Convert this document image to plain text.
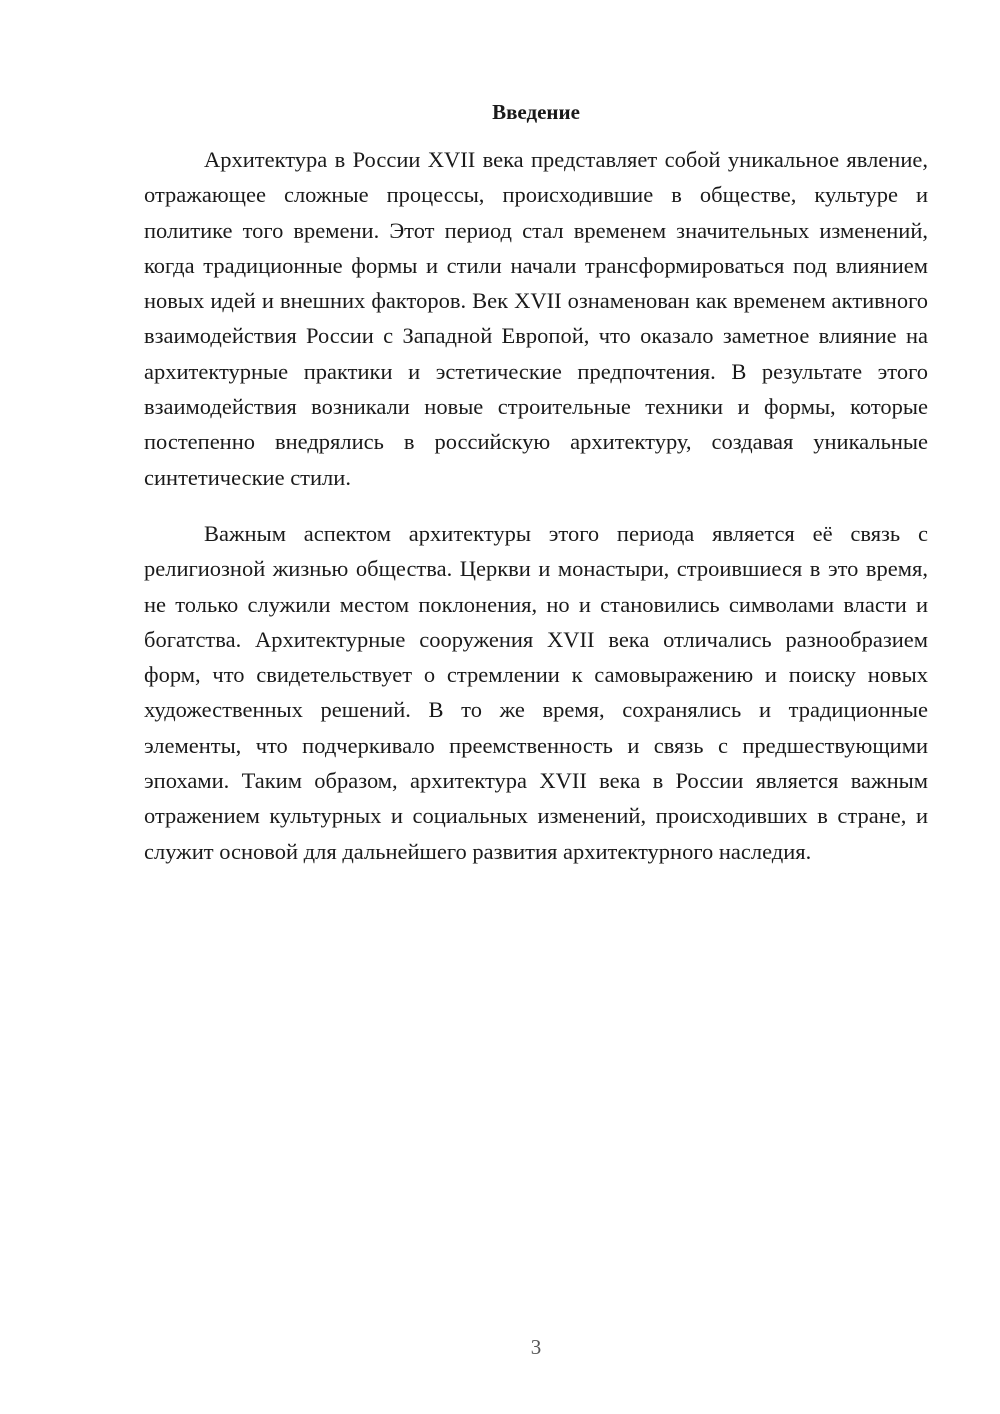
Введение

Архитектура в России XVII века представляет собой уникальное явление, отражающее сложные процессы, происходившие в обществе, культуре и политике того времени. Этот период стал временем значительных изменений, когда традиционные формы и стили начали трансформироваться под влиянием новых идей и внешних факторов. Век XVII ознаменован как временем активного взаимодействия России с Западной Европой, что оказало заметное влияние на архитектурные практики и эстетические предпочтения. В результате этого взаимодействия возникали новые строительные техники и формы, которые постепенно внедрялись в российскую архитектуру, создавая уникальные синтетические стили.

Важным аспектом архитектуры этого периода является её связь с религиозной жизнью общества. Церкви и монастыри, строившиеся в это время, не только служили местом поклонения, но и становились символами власти и богатства. Архитектурные сооружения XVII века отличались разнообразием форм, что свидетельствует о стремлении к самовыражению и поиску новых художественных решений. В то же время, сохранялись и традиционные элементы, что подчеркивало преемственность и связь с предшествующими эпохами. Таким образом, архитектура XVII века в России является важным отражением культурных и социальных изменений, происходивших в стране, и служит основой для дальнейшего развития архитектурного наследия.

3
